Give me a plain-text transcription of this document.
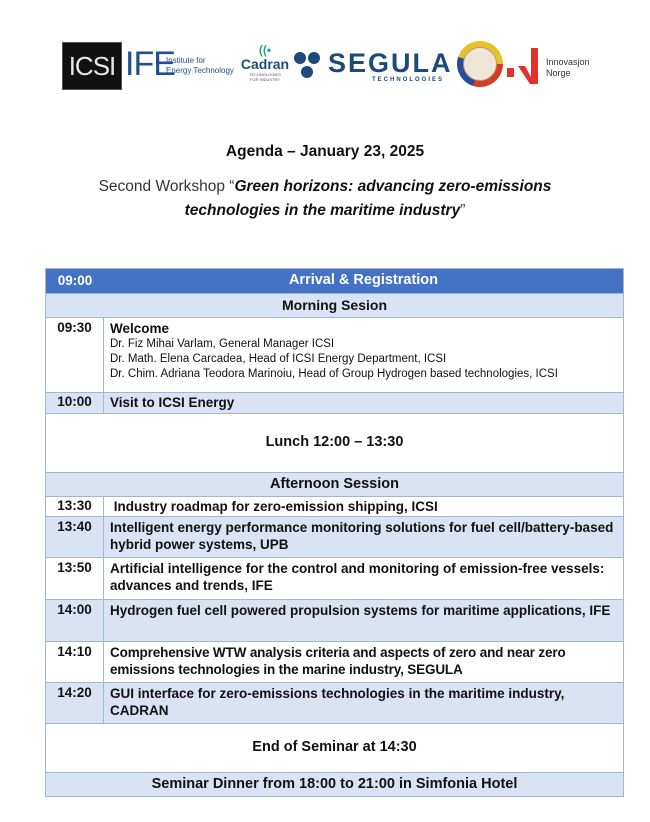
ICSI IFE
Institute for
Energy Technology
((•
Cadran
TECHNOLOGIES
FOR INDUSTRY
SEGULA
TECHNOLOGIES
Innovasjon
Norge
Agenda – January 23, 2025
Second Workshop “Green horizons: advancing zero-emissions technologies in the maritime industry”
09:00	Arrival & Registration
Morning Sesion
09:30	Welcome
Dr. Fiz Mihai Varlam, General Manager ICSI
Dr. Math. Elena Carcadea, Head of ICSI Energy Department, ICSI
Dr. Chim. Adriana Teodora Marinoiu, Head of Group Hydrogen based technologies, ICSI
10:00	Visit to ICSI Energy
Lunch 12:00 – 13:30
Afternoon Session
13:30	Industry roadmap for zero-emission shipping, ICSI
13:40	Intelligent energy performance monitoring solutions for fuel cell/battery-based hybrid power systems, UPB
13:50	Artificial intelligence for the control and monitoring of emission-free vessels: advances and trends, IFE
14:00	Hydrogen fuel cell powered propulsion systems for maritime applications, IFE
14:10	Comprehensive WTW analysis criteria and aspects of zero and near zero emissions technologies in the marine industry, SEGULA
14:20	GUI interface for zero-emissions technologies in the maritime industry, CADRAN
End of Seminar at 14:30
Seminar Dinner from 18:00 to 21:00 in Simfonia Hotel
